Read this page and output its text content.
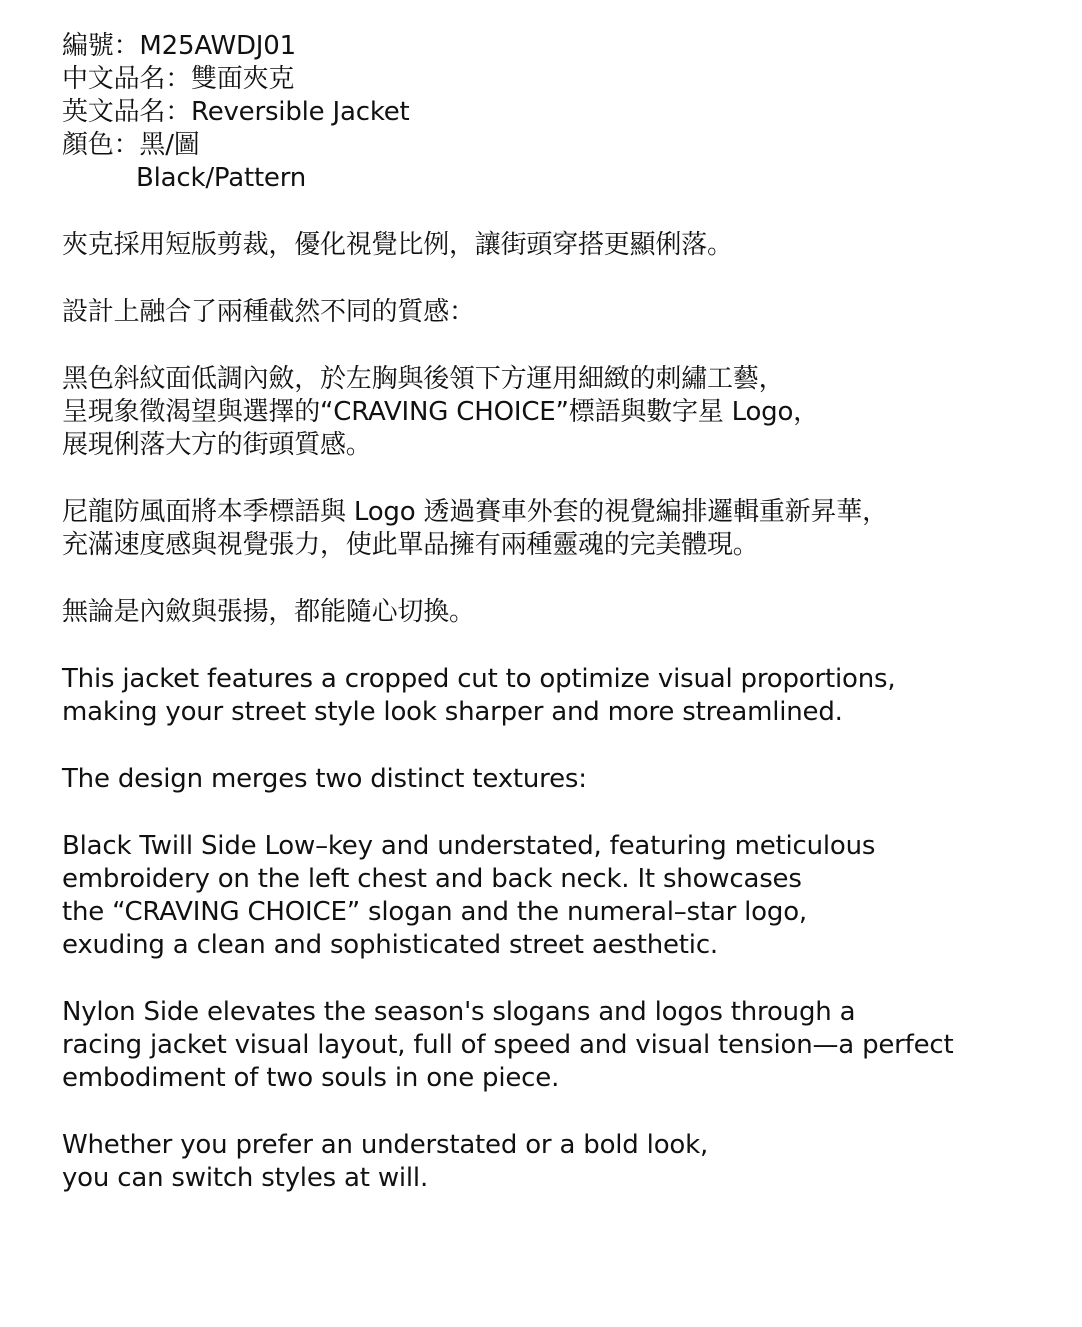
編號：M25AWDJ01
中文品名：雙面夾克
英文品名：Reversible Jacket
顏色：黑/圖
Black/Pattern
夾克採用短版剪裁，優化視覺比例，讓街頭穿搭更顯俐落。
設計上融合了兩種截然不同的質感：
黑色斜紋面低調內斂，於左胸與後領下方運用細緻的刺繡工藝，
呈現象徵渴望與選擇的“CRAVING CHOICE”標語與數字星 Logo，
展現俐落大方的街頭質感。
尼龍防風面將本季標語與 Logo 透過賽車外套的視覺編排邏輯重新昇華，
充滿速度感與視覺張力，使此單品擁有兩種靈魂的完美體現。
無論是內斂與張揚，都能隨心切換。
This jacket features a cropped cut to optimize visual proportions,
making your street style look sharper and more streamlined.
The design merges two distinct textures:
Black Twill Side Low–key and understated, featuring meticulous
embroidery on the left chest and back neck. It showcases
the “CRAVING CHOICE” slogan and the numeral–star logo,
exuding a clean and sophisticated street aesthetic.
Nylon Side elevates the season's slogans and logos through a
racing jacket visual layout, full of speed and visual tension—a perfect
embodiment of two souls in one piece.
Whether you prefer an understated or a bold look,
you can switch styles at will.
